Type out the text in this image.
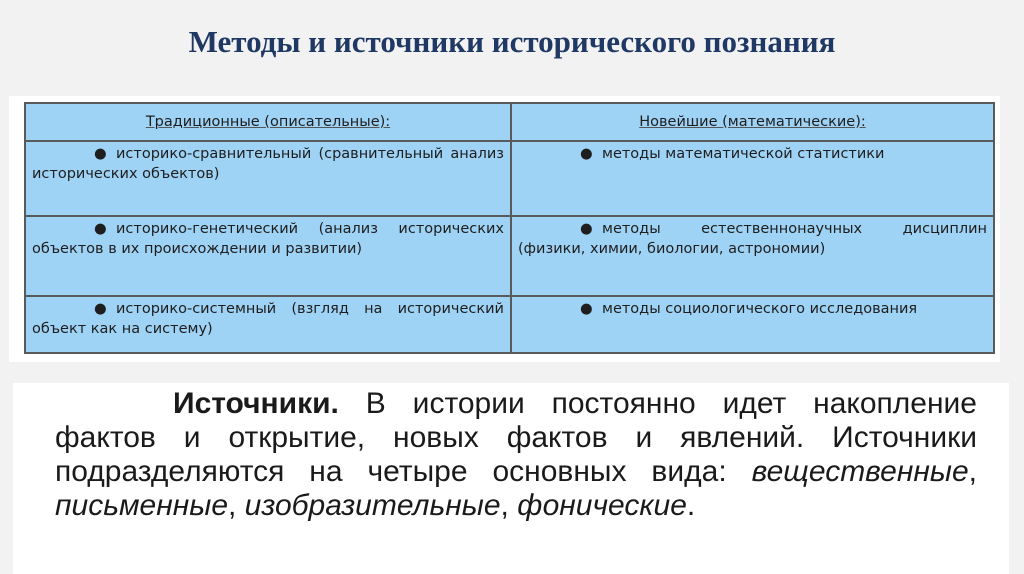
Методы и источники исторического познания
Традиционные (описательные):	Новейшие (математические):
● историко-сравнительный (сравнительный анализ исторических объектов)	● методы математической статистики
● историко-генетический (анализ исторических объектов в их происхождении и развитии)	● методы естественнонаучных дисциплин (физики, химии, биологии, астрономии)
● историко-системный (взгляд на исторический объект как на систему)	● методы социологического исследования
Источники. В истории постоянно идет накопление фактов и открытие, новых фактов и явлений. Источники подразделяются на четыре основных вида: вещественные, письменные, изобразительные, фонические.
